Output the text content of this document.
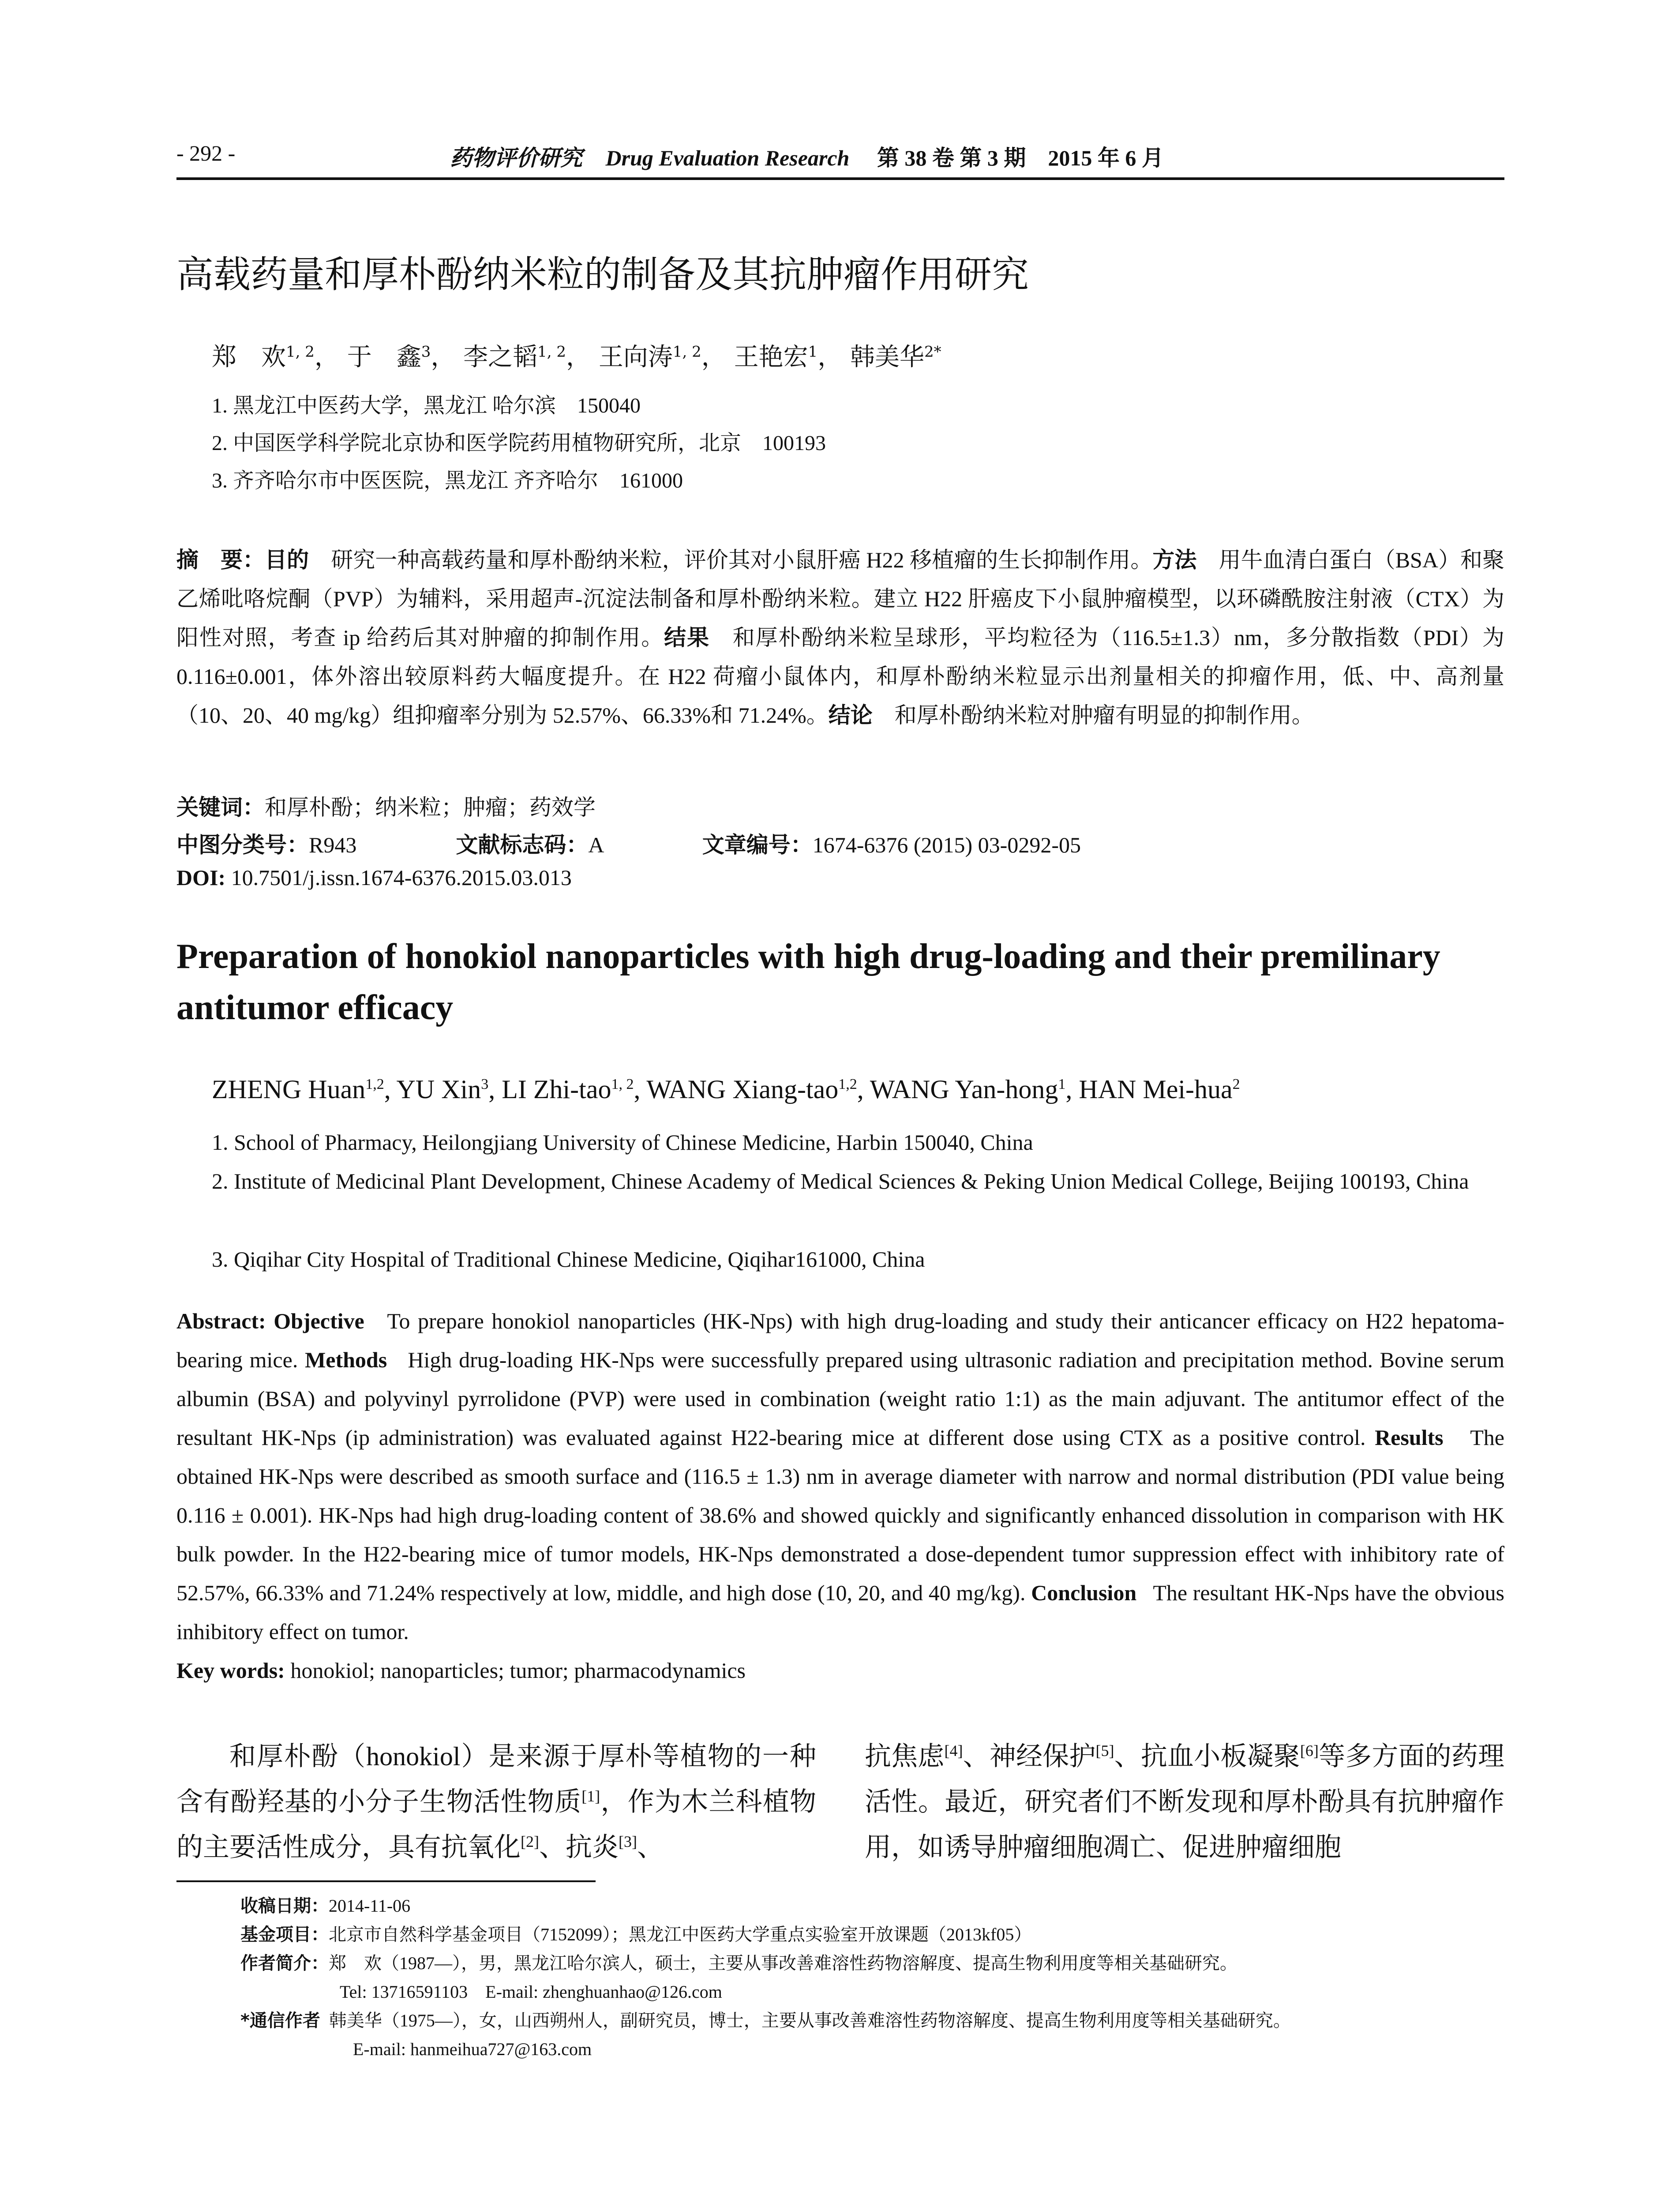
- 292 -	药物评价研究 Drug Evaluation Research 第 38 卷 第 3 期　2015 年 6 月
高载药量和厚朴酚纳米粒的制备及其抗肿瘤作用研究
郑　欢$^{1, 2}$， 于　鑫$^3$， 李之韬$^{1, 2}$， 王向涛$^{1, 2}$， 王艳宏$^1$， 韩美华$^{2*}$
1. 黑龙江中医药大学，黑龙江 哈尔滨　150040
2. 中国医学科学院北京协和医学院药用植物研究所，北京　100193
3. 齐齐哈尔市中医医院，黑龙江 齐齐哈尔　161000
摘　要：目的　 研究一种高载药量和厚朴酚纳米粒，评价其对小鼠肝癌 H22 移植瘤的生长抑制作用。方法　 用牛血清白蛋白（BSA）和聚乙烯吡咯烷酮（PVP）为辅料，采用超声-沉淀法制备和厚朴酚纳米粒。建立 H22 肝癌皮下小鼠肿瘤模型，以环磷酰胺注射液（CTX）为阳性对照，考查 ip 给药后其对肿瘤的抑制作用。结果　 和厚朴酚纳米粒呈球形，平均粒径为（116.5±1.3）nm，多分散指数（PDI）为 0.116±0.001，体外溶出较原料药大幅度提升。在 H22 荷瘤小鼠体内，和厚朴酚纳米粒显示出剂量相关的抑瘤作用，低、中、高剂量（10、20、40 mg/kg）组抑瘤率分别为 52.57%、66.33%和 71.24%。结论　 和厚朴酚纳米粒对肿瘤有明显的抑制作用。
关键词：和厚朴酚；纳米粒；肿瘤；药效学
中图分类号：R943	文献标志码：A	文章编号：1674-6376 (2015) 03-0292-05
DOI: 10.7501/j.issn.1674-6376.2015.03.013
Preparation of honokiol nanoparticles with high drug-loading and their premilinary antitumor efficacy
ZHENG Huan$^{1,2}$, YU Xin$^3$, LI Zhi-tao$^{1, 2}$, WANG Xiang-tao$^{1,2}$, WANG Yan-hong$^1$, HAN Mei-hua$^2$
1. School of Pharmacy, Heilongjiang University of Chinese Medicine, Harbin 150040, China
2. Institute of Medicinal Plant Development, Chinese Academy of Medical Sciences & Peking Union Medical College, Beijing 100193, China
3. Qiqihar City Hospital of Traditional Chinese Medicine, Qiqihar161000, China
Abstract: Objective To prepare honokiol nanoparticles (HK-Nps) with high drug-loading and study their anticancer efficacy on H22 hepatoma-bearing mice. Methods High drug-loading HK-Nps were successfully prepared using ultrasonic radiation and precipitation method. Bovine serum albumin (BSA) and polyvinyl pyrrolidone (PVP) were used in combination (weight ratio 1:1) as the main adjuvant. The antitumor effect of the resultant HK-Nps (ip administration) was evaluated against H22-bearing mice at different dose using CTX as a positive control. Results The obtained HK-Nps were described as smooth surface and (116.5 ± 1.3) nm in average diameter with narrow and normal distribution (PDI value being 0.116 ± 0.001). HK-Nps had high drug-loading content of 38.6% and showed quickly and significantly enhanced dissolution in comparison with HK bulk powder. In the H22-bearing mice of tumor models, HK-Nps demonstrated a dose-dependent tumor suppression effect with inhibitory rate of 52.57%, 66.33% and 71.24% respectively at low, middle, and high dose (10, 20, and 40 mg/kg). Conclusion The resultant HK-Nps have the obvious inhibitory effect on tumor.
Key words: honokiol; nanoparticles; tumor; pharmacodynamics
和厚朴酚（honokiol）是来源于厚朴等植物的一种含有酚羟基的小分子生物活性物质[1]，作为木兰科植物的主要活性成分，具有抗氧化[2]、抗炎[3]、
抗焦虑[4]、神经保护[5]、抗血小板凝聚[6]等多方面的药理活性。最近，研究者们不断发现和厚朴酚具有抗肿瘤作用，如诱导肿瘤细胞凋亡、促进肿瘤细胞
收稿日期：2014-11-06
基金项目：北京市自然科学基金项目（7152099）；黑龙江中医药大学重点实验室开放课题（2013kf05）
作者简介：郑　欢（1987—），男，黑龙江哈尔滨人，硕士，主要从事改善难溶性药物溶解度、提高生物利用度等相关基础研究。
Tel: 13716591103　E-mail: zhenghuanhao@126.com
*通信作者 韩美华（1975—），女，山西朔州人，副研究员，博士，主要从事改善难溶性药物溶解度、提高生物利用度等相关基础研究。
E-mail: hanmeihua727@163.com
